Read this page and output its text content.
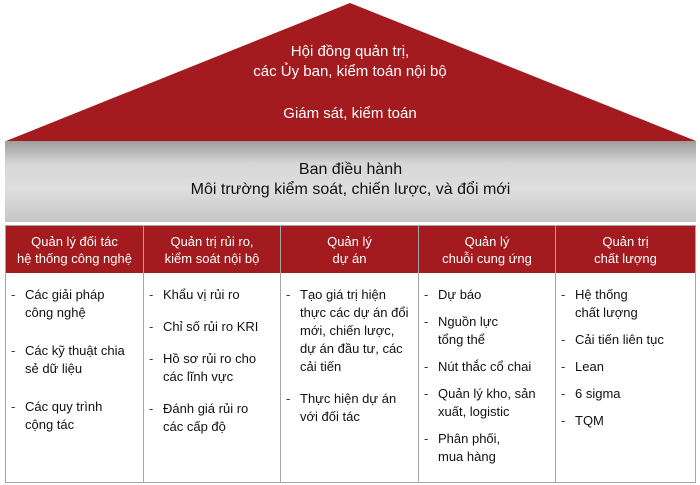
Hội đồng quản trị,
các Ủy ban, kiểm toán nội bộ
Giám sát, kiểm toán
Ban điều hành
Môi trường kiểm soát, chiến lược, và đổi mới
Quản lý đối tác
hệ thống công nghệ
- Các giải pháp
công nghệ
- Các kỹ thuật chia
sẻ dữ liệu
- Các quy trình
cộng tác
Quản trị rủi ro,
kiểm soát nội bộ
- Khẩu vị rủi ro
- Chỉ số rủi ro KRI
- Hồ sơ rủi ro cho
các lĩnh vực
- Đánh giá rủi ro
các cấp độ
Quản lý
dự án
- Tạo giá trị hiện
thực các dự án đổi
mới, chiến lược,
dự án đầu tư, các
cải tiến
- Thực hiện dự án
với đối tác
Quản lý
chuỗi cung ứng
- Dự báo
- Nguồn lực
tổng thể
- Nút thắc cổ chai
- Quản lý kho, sản
xuất, logistic
- Phân phối,
mua hàng
Quản trị
chất lượng
- Hệ thống
chất lượng
- Cải tiến liên tục
- Lean
- 6 sigma
- TQM
